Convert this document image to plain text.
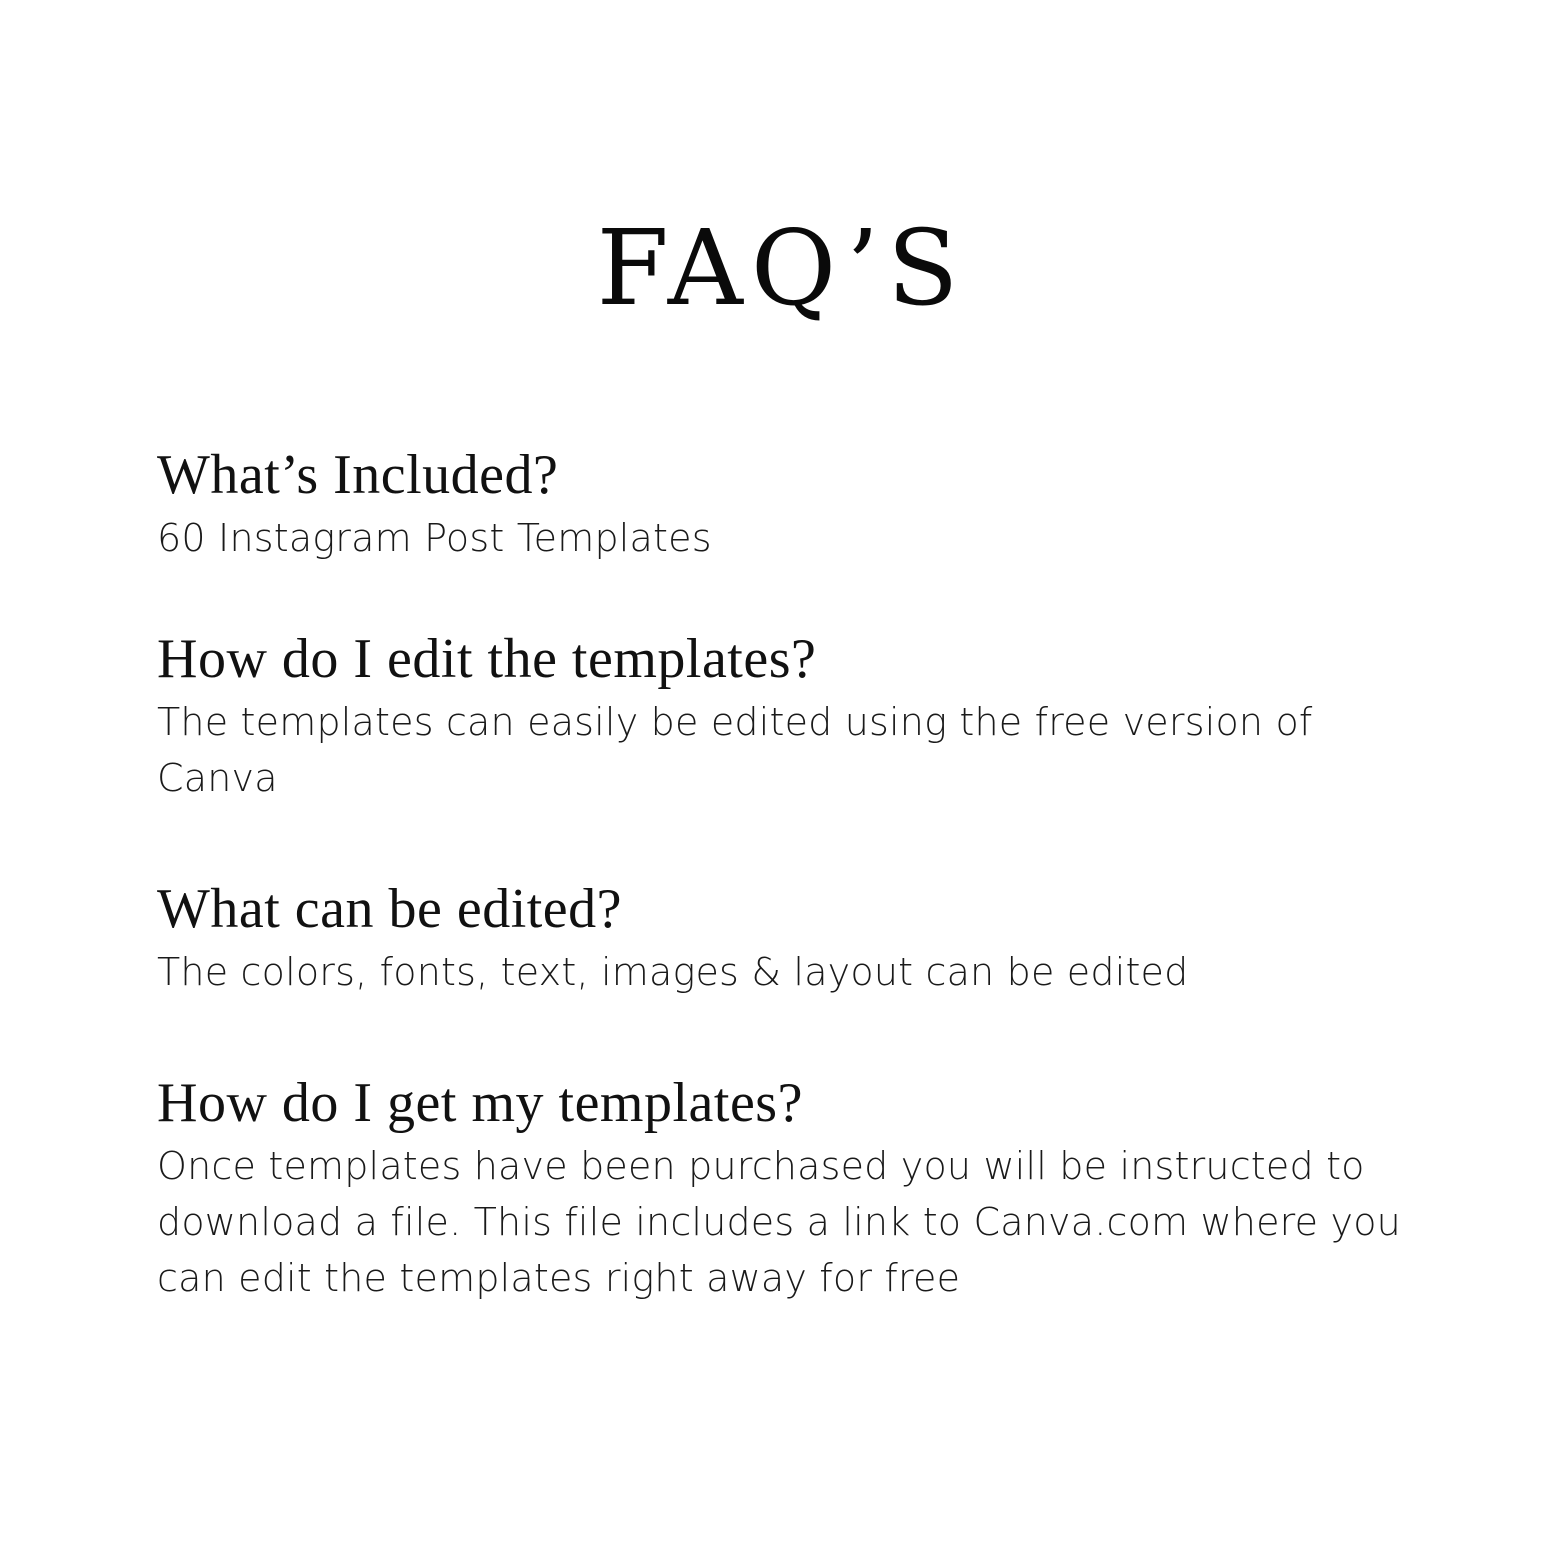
FAQ’S

What’s Included?

60 Instagram Post Templates

How do I edit the templates?

The templates can easily be edited using the free version of Canva

What can be edited?

The colors, fonts, text, images & layout can be edited

How do I get my templates?

Once templates have been purchased you will be instructed to download a file. This file includes a link to Canva.com where you can edit the templates right away for free
